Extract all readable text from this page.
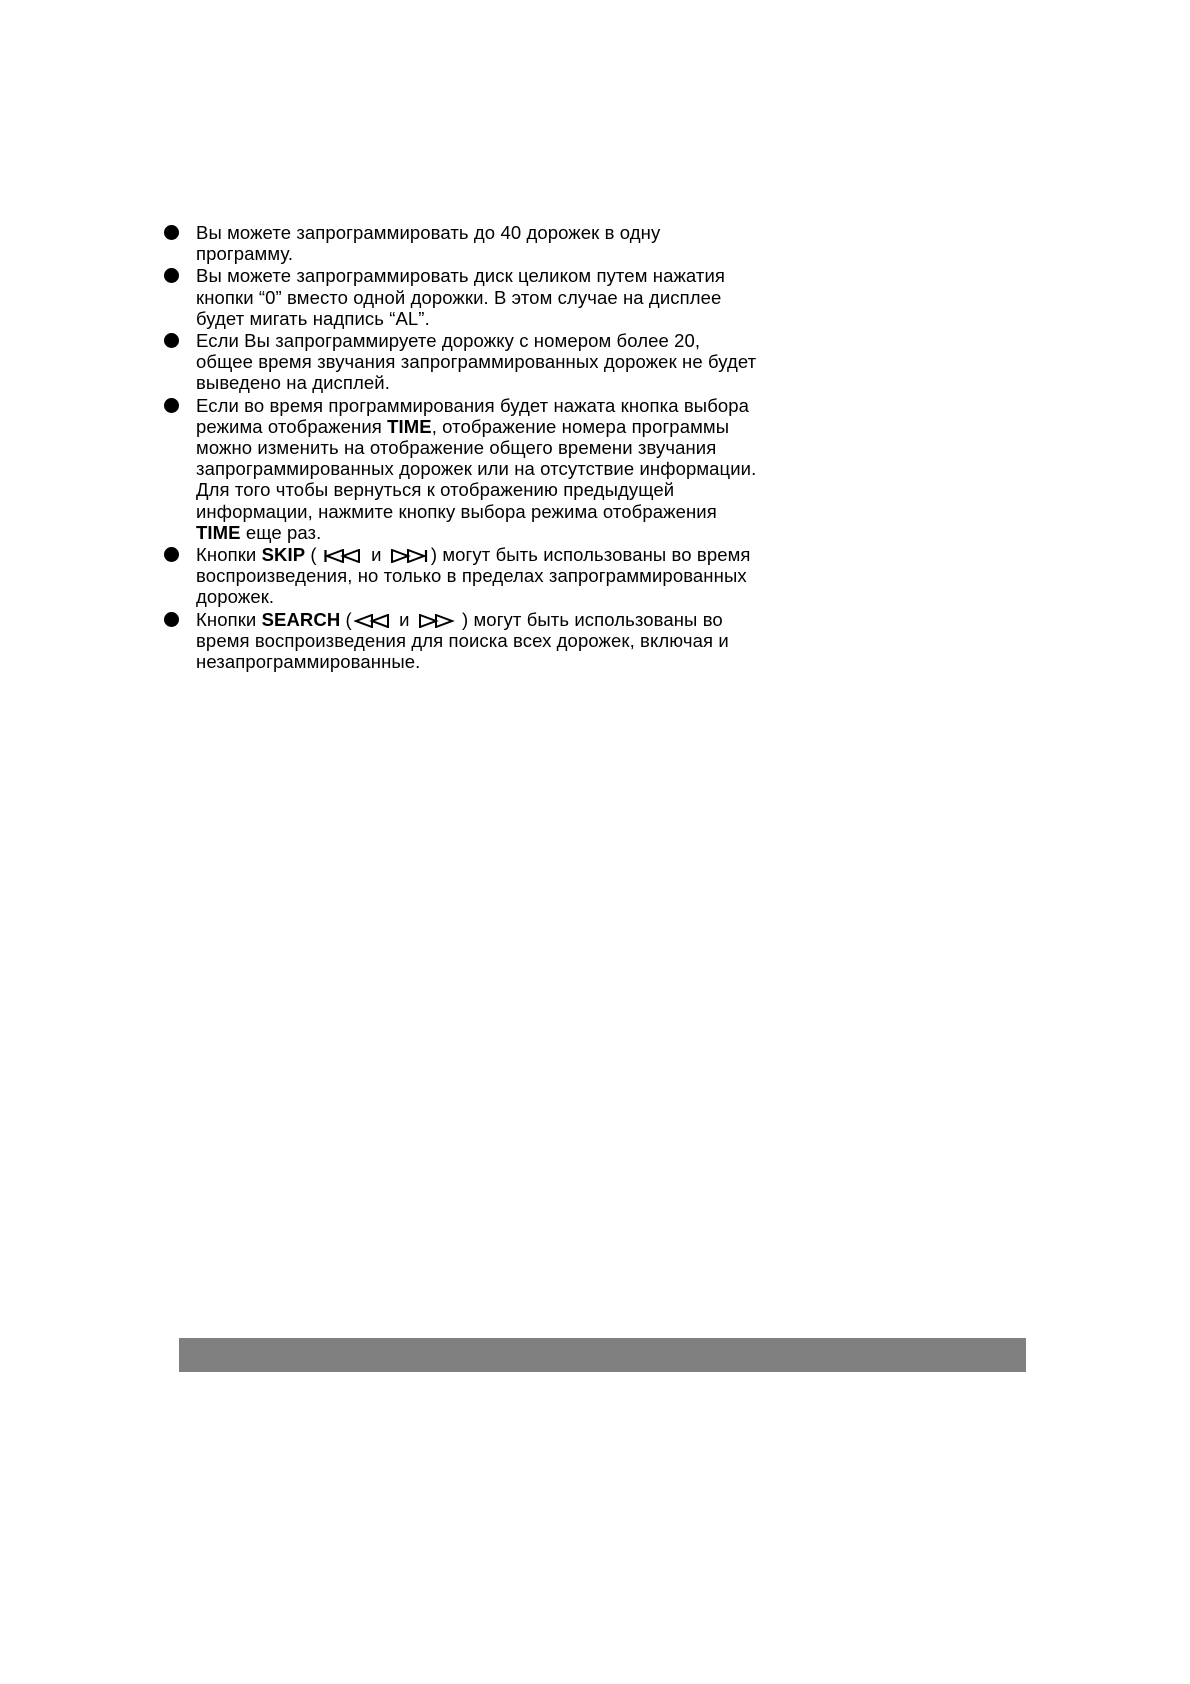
Вы можете запрограммировать до 40 дорожек в одну программу.
Вы можете запрограммировать диск целиком путем нажатия кнопки “0” вместо одной дорожки. В этом случае на дисплее будет мигать надпись “AL”.
Если Вы запрограммируете дорожку с номером более 20, общее время звучания запрограммированных дорожек не будет выведено на дисплей.
Если во время программирования будет нажата кнопка выбора режима отображения TIME, отображение номера программы можно изменить на отображение общего времени звучания запрограммированных дорожек или на отсутствие информации. Для того чтобы вернуться к отображению предыдущей информации, нажмите кнопку выбора режима отображения TIME еще раз.
Кнопки SKIP (
и
) могут быть использованы во время воспроизведения, но только в пределах запрограммированных дорожек.
Кнопки SEARCH (
и
) могут быть использованы во время воспроизведения для поиска всех дорожек, включая и незапрограммированные.
